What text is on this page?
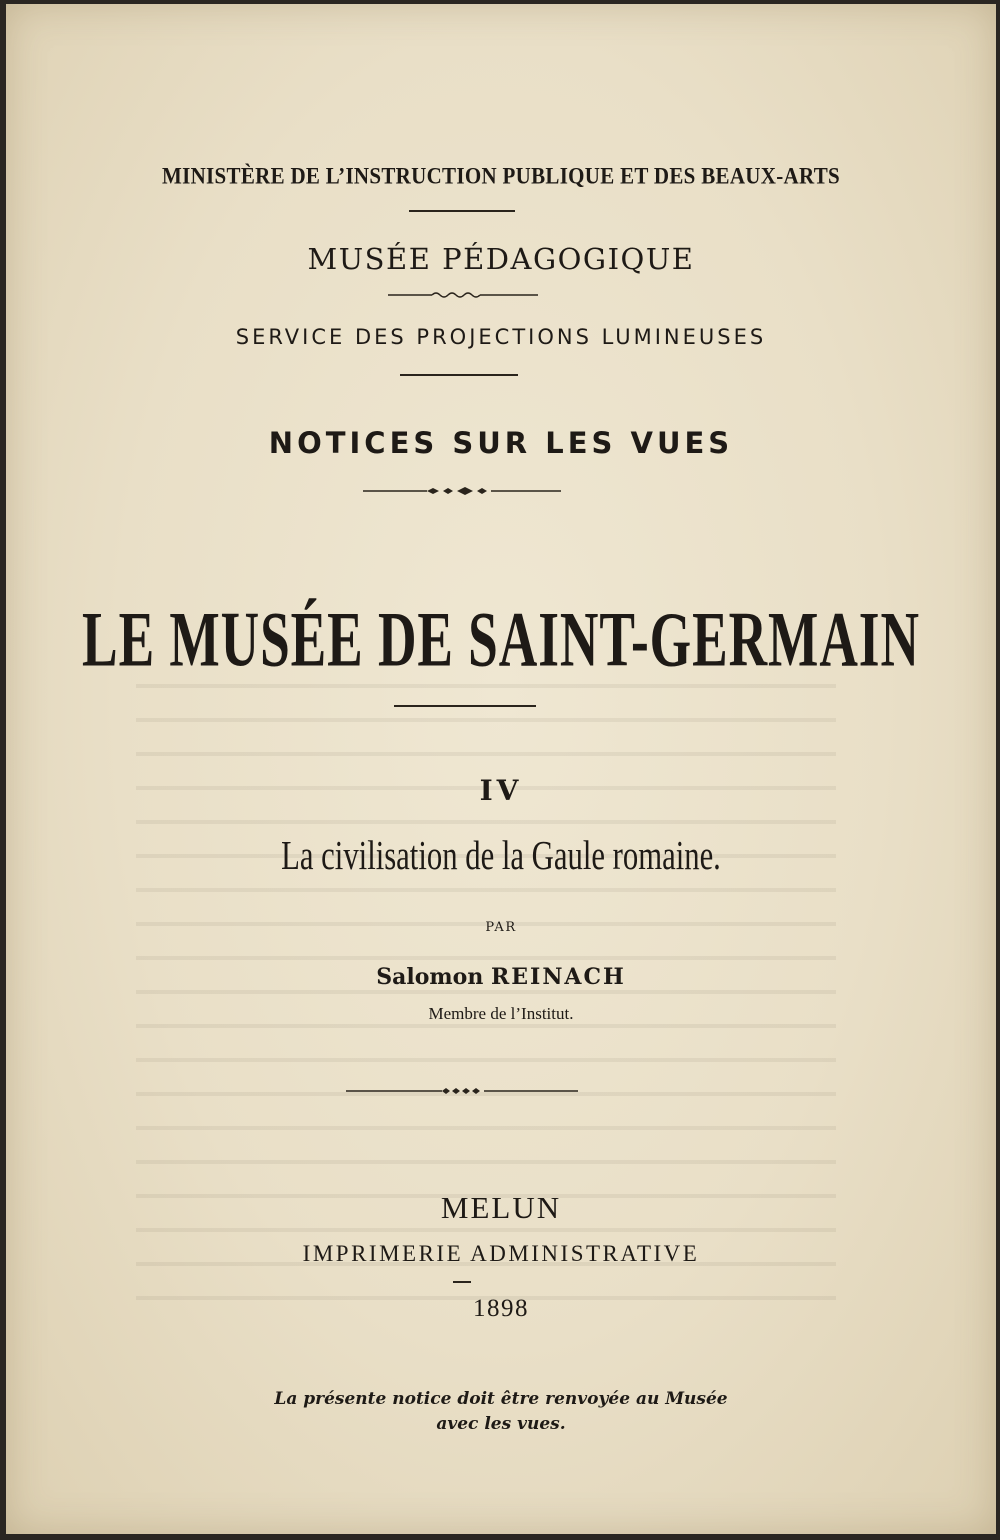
MINISTÈRE DE L’INSTRUCTION PUBLIQUE ET DES BEAUX-ARTS
MUSÉE PÉDAGOGIQUE
SERVICE DES PROJECTIONS LUMINEUSES
NOTICES SUR LES VUES
LE MUSÉE DE SAINT-GERMAIN
IV
La civilisation de la Gaule romaine.
PAR
Salomon REINACH
Membre de l’Institut.
MELUN
IMPRIMERIE ADMINISTRATIVE
1898
La présente notice doit être renvoyée au Musée
avec les vues.
